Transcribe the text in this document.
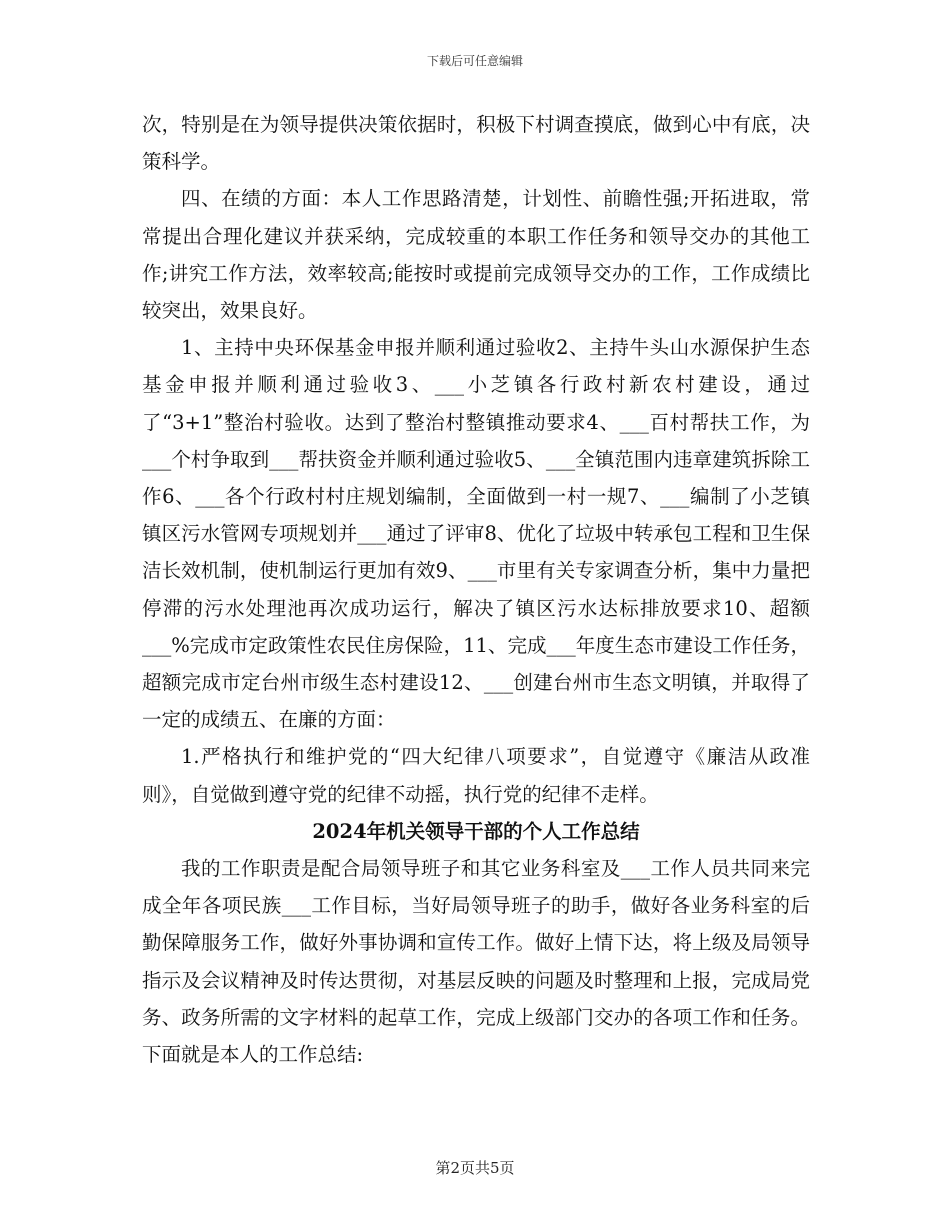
下载后可任意编辑

次，特别是在为领导提供决策依据时，积极下村调查摸底，做到心中有底，决策科学。

四、在绩的方面：本人工作思路清楚，计划性、前瞻性强;开拓进取，常常提出合理化建议并获采纳，完成较重的本职工作任务和领导交办的其他工作;讲究工作方法，效率较高;能按时或提前完成领导交办的工作，工作成绩比较突出，效果良好。

1、主持中央环保基金申报并顺利通过验收2、主持牛头山水源保护生态基金申报并顺利通过验收3、___小芝镇各行政村新农村建设，通过了“3+1”整治村验收。达到了整治村整镇推动要求4、___百村帮扶工作，为___个村争取到___帮扶资金并顺利通过验收5、___全镇范围内违章建筑拆除工作6、___各个行政村村庄规划编制，全面做到一村一规7、___编制了小芝镇镇区污水管网专项规划并___通过了评审8、优化了垃圾中转承包工程和卫生保洁长效机制，使机制运行更加有效9、___市里有关专家调查分析，集中力量把停滞的污水处理池再次成功运行，解决了镇区污水达标排放要求10、超额___%完成市定政策性农民住房保险，11、完成___年度生态市建设工作任务，超额完成市定台州市级生态村建设12、___创建台州市生态文明镇，并取得了一定的成绩五、在廉的方面：

1.严格执行和维护党的“四大纪律八项要求”，自觉遵守《廉洁从政准则》，自觉做到遵守党的纪律不动摇，执行党的纪律不走样。

2024年机关领导干部的个人工作总结

我的工作职责是配合局领导班子和其它业务科室及___工作人员共同来完成全年各项民族___工作目标，当好局领导班子的助手，做好各业务科室的后勤保障服务工作，做好外事协调和宣传工作。做好上情下达，将上级及局领导指示及会议精神及时传达贯彻，对基层反映的问题及时整理和上报，完成局党务、政务所需的文字材料的起草工作，完成上级部门交办的各项工作和任务。下面就是本人的工作总结:

第2页共5页
